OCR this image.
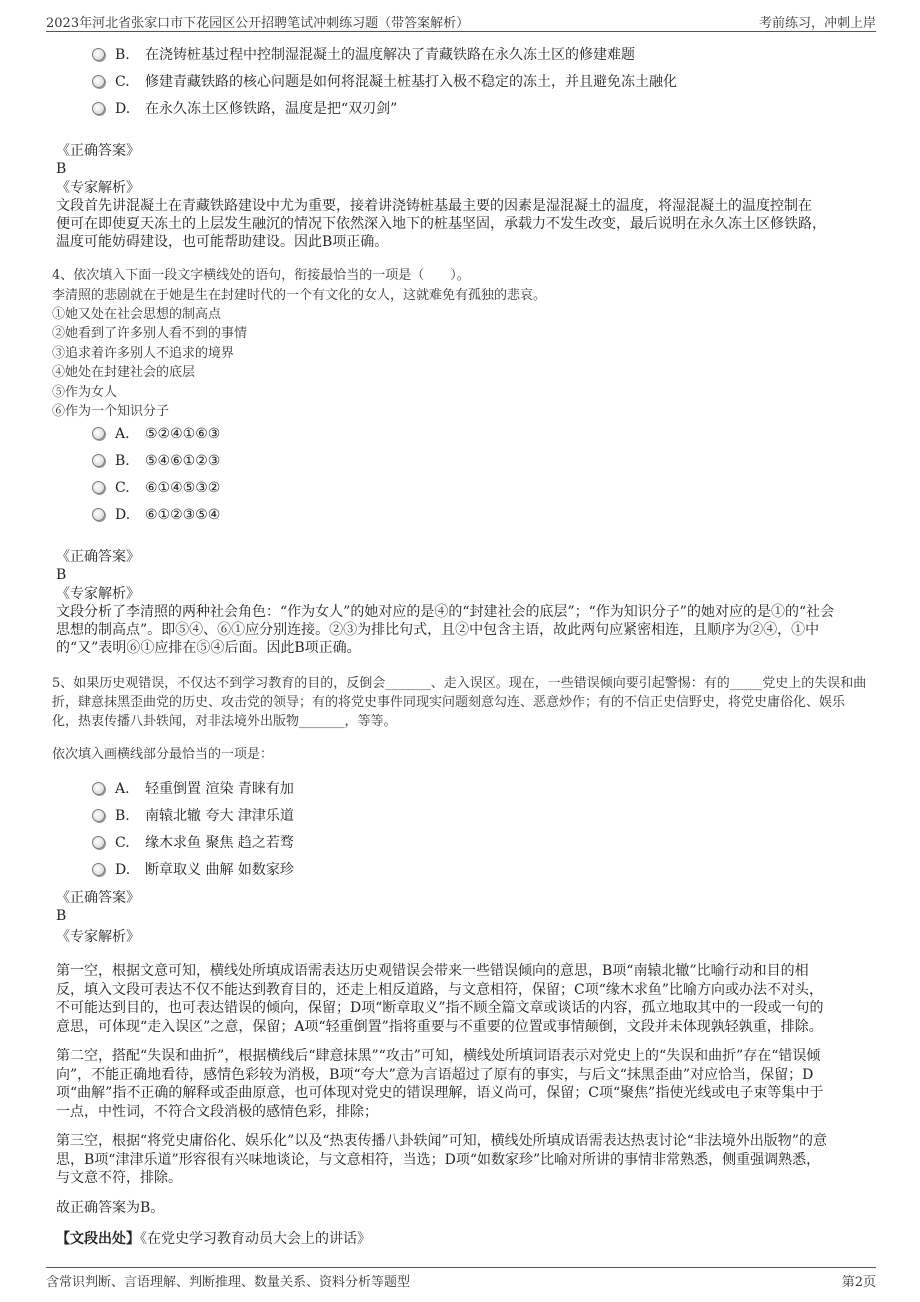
2023年河北省张家口市下花园区公开招聘笔试冲刺练习题（带答案解析）	考前练习，冲刺上岸
B. 在浇铸桩基过程中控制湿混凝土的温度解决了青藏铁路在永久冻土区的修建难题
C. 修建青藏铁路的核心问题是如何将混凝土桩基打入极不稳定的冻土，并且避免冻土融化
D. 在永久冻土区修铁路，温度是把“双刃剑”
《正确答案》
B
《专家解析》
文段首先讲混凝土在青藏铁路建设中尤为重要，接着讲浇铸桩基最主要的因素是湿混凝土的温度，将湿混凝土的温度控制在
便可在即使夏天冻土的上层发生融沉的情况下依然深入地下的桩基坚固，承载力不发生改变，最后说明在永久冻土区修铁路，
温度可能妨碍建设，也可能帮助建设。因此B项正确。
4、依次填入下面一段文字横线处的语句，衔接最恰当的一项是（　　）。
李清照的悲剧就在于她是生在封建时代的一个有文化的女人，这就难免有孤独的悲哀。
①她又处在社会思想的制高点
②她看到了许多别人看不到的事情
③追求着许多别人不追求的境界
④她处在封建社会的底层
⑤作为女人
⑥作为一个知识分子
A. ⑤②④①⑥③
B. ⑤④⑥①②③
C. ⑥①④⑤③②
D. ⑥①②③⑤④
《正确答案》
B
《专家解析》
文段分析了李清照的两种社会角色：“作为女人”的她对应的是④的“封建社会的底层”；“作为知识分子”的她对应的是①的“社会
思想的制高点”。即⑤④、⑥①应分别连接。②③为排比句式，且②中包含主语，故此两句应紧密相连，且顺序为②④，①中
的“又”表明⑥①应排在⑤④后面。因此B项正确。
5、如果历史观错误，不仅达不到学习教育的目的，反倒会_______、走入误区。现在，一些错误倾向要引起警惕：有的_____党史上的失误和曲
折，肆意抹黑歪曲党的历史、攻击党的领导；有的将党史事件同现实问题刻意勾连、恶意炒作；有的不信正史信野史，将党史庸俗化、娱乐
化，热衷传播八卦轶闻，对非法境外出版物_______，等等。
依次填入画横线部分最恰当的一项是：
A. 轻重倒置 渲染 青睐有加
B. 南辕北辙 夸大 津津乐道
C. 缘木求鱼 聚焦 趋之若骛
D. 断章取义 曲解 如数家珍
《正确答案》
B
《专家解析》
第一空，根据文意可知，横线处所填成语需表达历史观错误会带来一些错误倾向的意思，B项“南辕北辙”比喻行动和目的相
反，填入文段可表达不仅不能达到教育目的，还走上相反道路，与文意相符，保留；C项“缘木求鱼”比喻方向或办法不对头，
不可能达到目的，也可表达错误的倾向，保留；D项“断章取义”指不顾全篇文章或谈话的内容，孤立地取其中的一段或一句的
意思，可体现“走入误区”之意，保留；A项“轻重倒置”指将重要与不重要的位置或事情颠倒，文段并未体现孰轻孰重，排除。
第二空，搭配“失误和曲折”，根据横线后“肆意抹黑”“攻击”可知，横线处所填词语表示对党史上的“失误和曲折”存在“错误倾
向”，不能正确地看待，感情色彩较为消极，B项“夸大”意为言语超过了原有的事实，与后文“抹黑歪曲”对应恰当，保留；D
项“曲解”指不正确的解释或歪曲原意，也可体现对党史的错误理解，语义尚可，保留；C项“聚焦”指使光线或电子束等集中于
一点，中性词，不符合文段消极的感情色彩，排除；
第三空，根据“将党史庸俗化、娱乐化”以及“热衷传播八卦轶闻”可知，横线处所填成语需表达热衷讨论“非法境外出版物”的意
思，B项“津津乐道”形容很有兴味地谈论，与文意相符，当选；D项“如数家珍”比喻对所讲的事情非常熟悉，侧重强调熟悉，
与文意不符，排除。
故正确答案为B。
【文段出处】《在党史学习教育动员大会上的讲话》
含常识判断、言语理解、判断推理、数量关系、资料分析等题型	第2页
